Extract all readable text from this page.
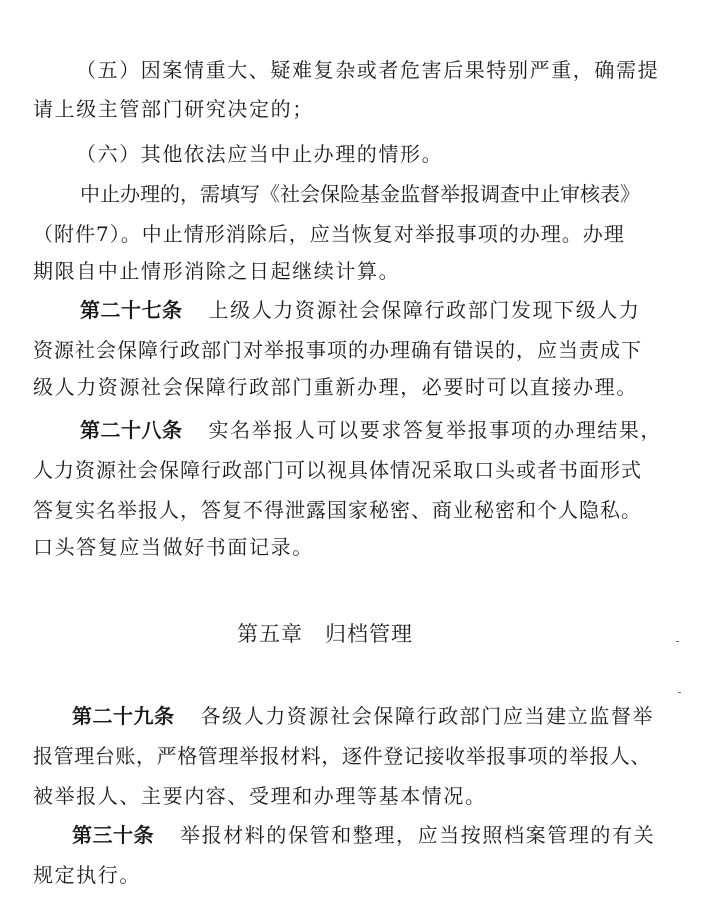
（五）因案情重大、疑难复杂或者危害后果特别严重，确需提
请上级主管部门研究决定的；
（六）其他依法应当中止办理的情形。
中止办理的，需填写《社会保险基金监督举报调查中止审核表》
（附件7）。中止情形消除后，应当恢复对举报事项的办理。办理
期限自中止情形消除之日起继续计算。
第二十七条 上级人力资源社会保障行政部门发现下级人力
资源社会保障行政部门对举报事项的办理确有错误的，应当责成下
级人力资源社会保障行政部门重新办理，必要时可以直接办理。
第二十八条 实名举报人可以要求答复举报事项的办理结果，
人力资源社会保障行政部门可以视具体情况采取口头或者书面形式
答复实名举报人，答复不得泄露国家秘密、商业秘密和个人隐私。
口头答复应当做好书面记录。
第五章 归档管理
第二十九条 各级人力资源社会保障行政部门应当建立监督举
报管理台账，严格管理举报材料，逐件登记接收举报事项的举报人、
被举报人、主要内容、受理和办理等基本情况。
第三十条 举报材料的保管和整理，应当按照档案管理的有关
规定执行。
